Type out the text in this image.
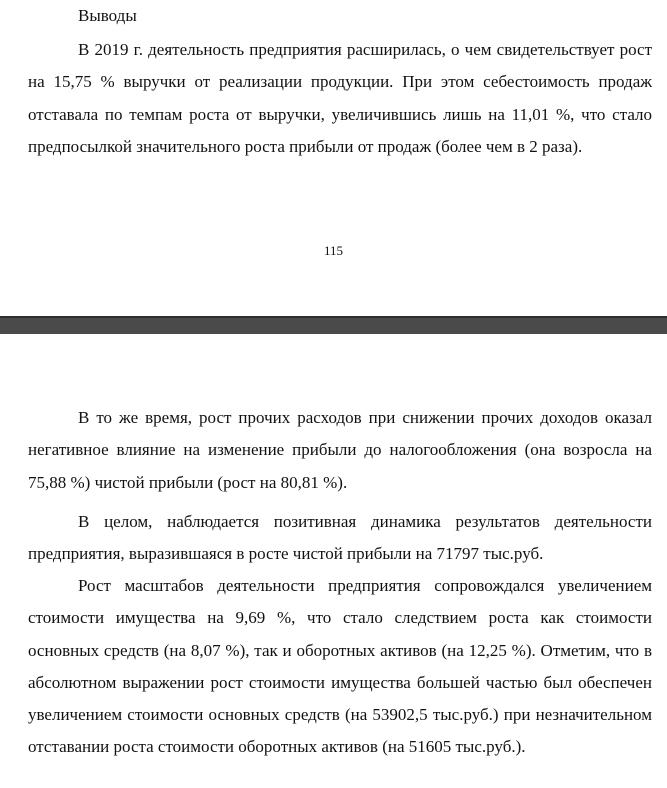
Выводы

В 2019 г. деятельность предприятия расширилась, о чем свидетельствует рост на 15,75 % выручки от реализации продукции. При этом себестоимость продаж отставала по темпам роста от выручки, увеличившись лишь на 11,01 %, что стало предпосылкой значительного роста прибыли от продаж (более чем в 2 раза).

115

В то же время, рост прочих расходов при снижении прочих доходов оказал негативное влияние на изменение прибыли до налогообложения (она возросла на 75,88 %) чистой прибыли (рост на 80,81 %).

В целом, наблюдается позитивная динамика результатов деятельности предприятия, выразившаяся в росте чистой прибыли на 71797 тыс.руб.

Рост масштабов деятельности предприятия сопровождался увеличением стоимости имущества на 9,69 %, что стало следствием роста как стоимости основных средств (на 8,07 %), так и оборотных активов (на 12,25 %). Отметим, что в абсолютном выражении рост стоимости имущества большей частью был обеспечен увеличением стоимости основных средств (на 53902,5 тыс.руб.) при незначительном отставании роста стоимости оборотных активов (на 51605 тыс.руб.).
